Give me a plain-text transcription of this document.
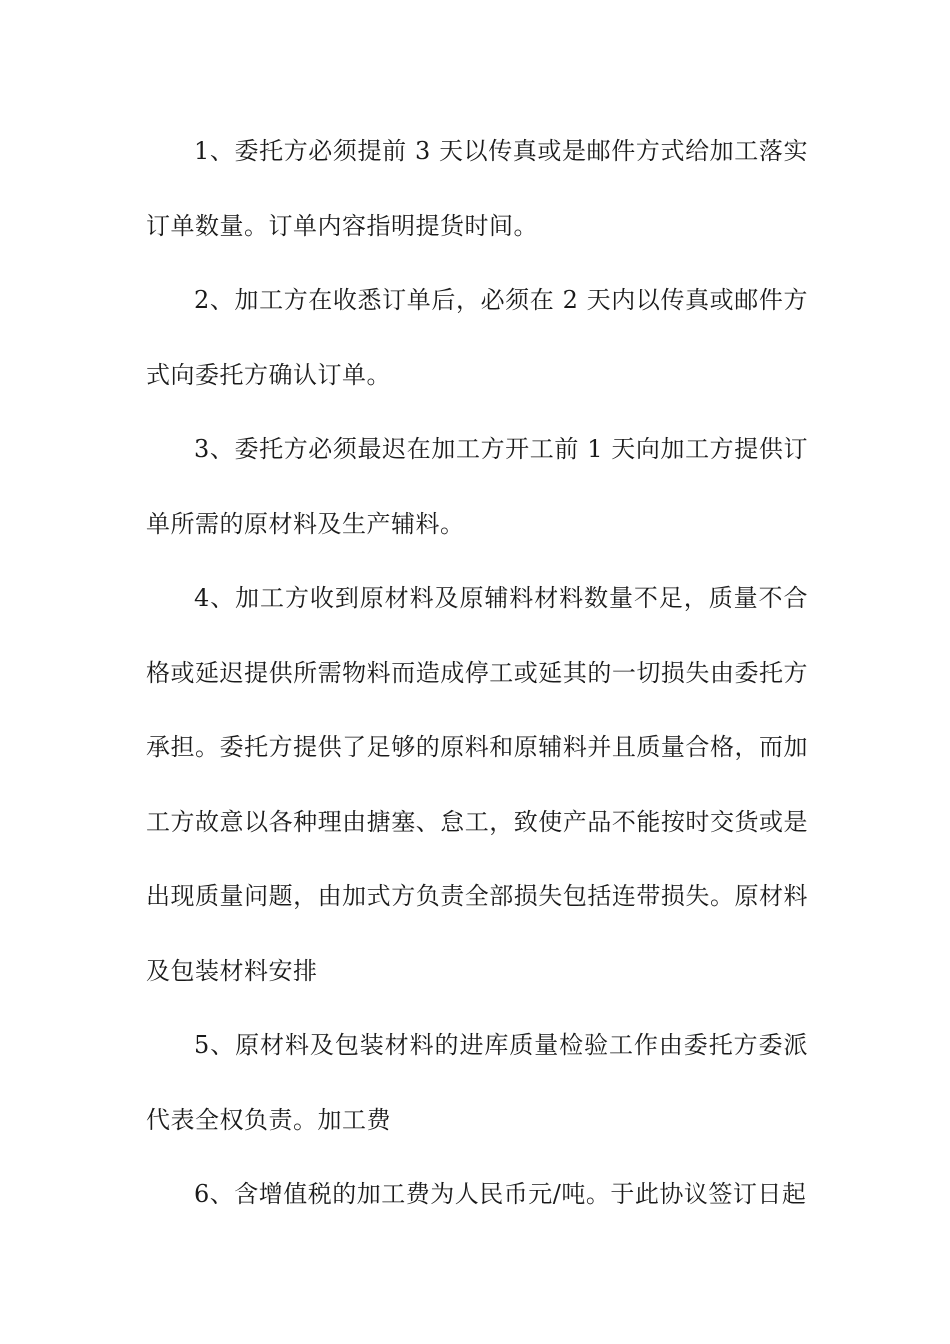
1、委托方必须提前 3 天以传真或是邮件方式给加工落实订单数量。订单内容指明提货时间。

2、加工方在收悉订单后，必须在 2 天内以传真或邮件方式向委托方确认订单。

3、委托方必须最迟在加工方开工前 1 天向加工方提供订单所需的原材料及生产辅料。

4、加工方收到原材料及原辅料材料数量不足，质量不合格或延迟提供所需物料而造成停工或延其的一切损失由委托方承担。委托方提供了足够的原料和原辅料并且质量合格，而加工方故意以各种理由搪塞、怠工，致使产品不能按时交货或是出现质量问题，由加式方负责全部损失包括连带损失。原材料及包装材料安排

5、原材料及包装材料的进库质量检验工作由委托方委派代表全权负责。加工费

6、含增值税的加工费为人民币元/吨。于此协议签订日起
